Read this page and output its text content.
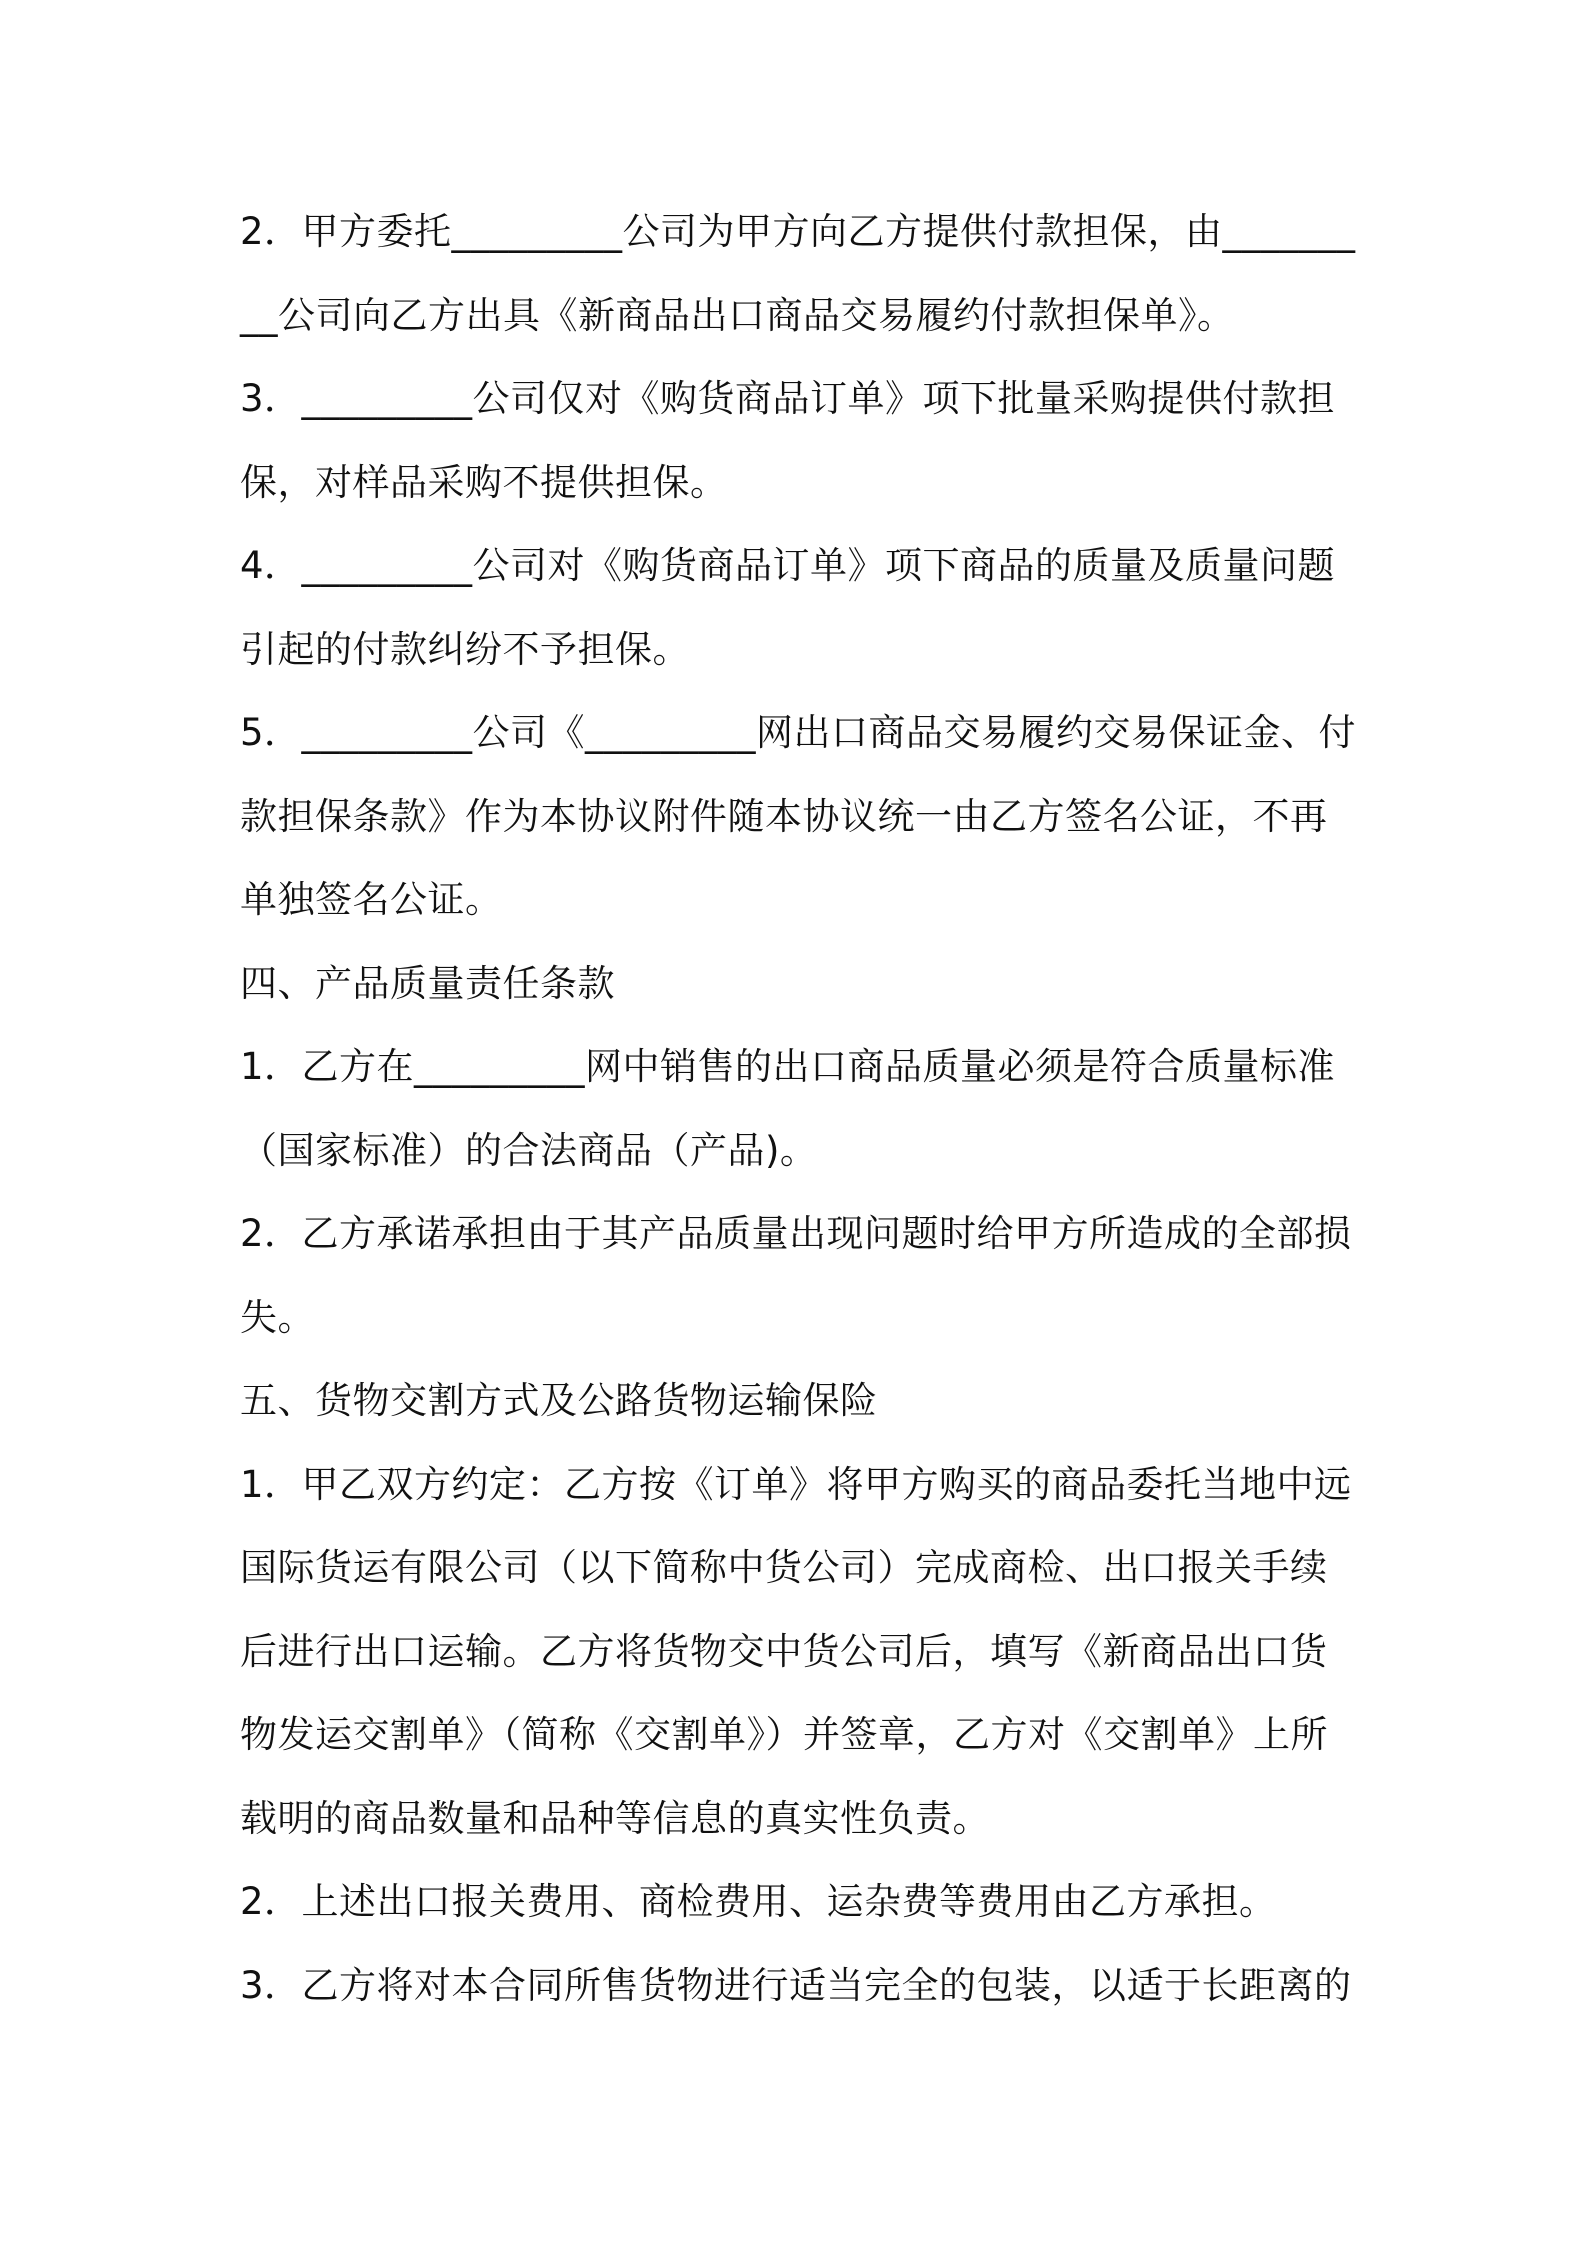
2．甲方委托_________公司为甲方向乙方提供付款担保，由_________公司向乙方出具《新商品出口商品交易履约付款担保单》。

3．_________公司仅对《购货商品订单》项下批量采购提供付款担保，对样品采购不提供担保。

4．_________公司对《购货商品订单》项下商品的质量及质量问题引起的付款纠纷不予担保。

5．_________公司《_________网出口商品交易履约交易保证金、付款担保条款》作为本协议附件随本协议统一由乙方签名公证，不再单独签名公证。

四、产品质量责任条款

1．乙方在_________网中销售的出口商品质量必须是符合质量标准（国家标准）的合法商品（产品)。

2．乙方承诺承担由于其产品质量出现问题时给甲方所造成的全部损失。

五、货物交割方式及公路货物运输保险

1．甲乙双方约定：乙方按《订单》将甲方购买的商品委托当地中远国际货运有限公司（以下简称中货公司）完成商检、出口报关手续后进行出口运输。乙方将货物交中货公司后，填写《新商品出口货物发运交割单》（简称《交割单》）并签章，乙方对《交割单》上所载明的商品数量和品种等信息的真实性负责。

2．上述出口报关费用、商检费用、运杂费等费用由乙方承担。

3．乙方将对本合同所售货物进行适当完全的包装，以适于长距离的
